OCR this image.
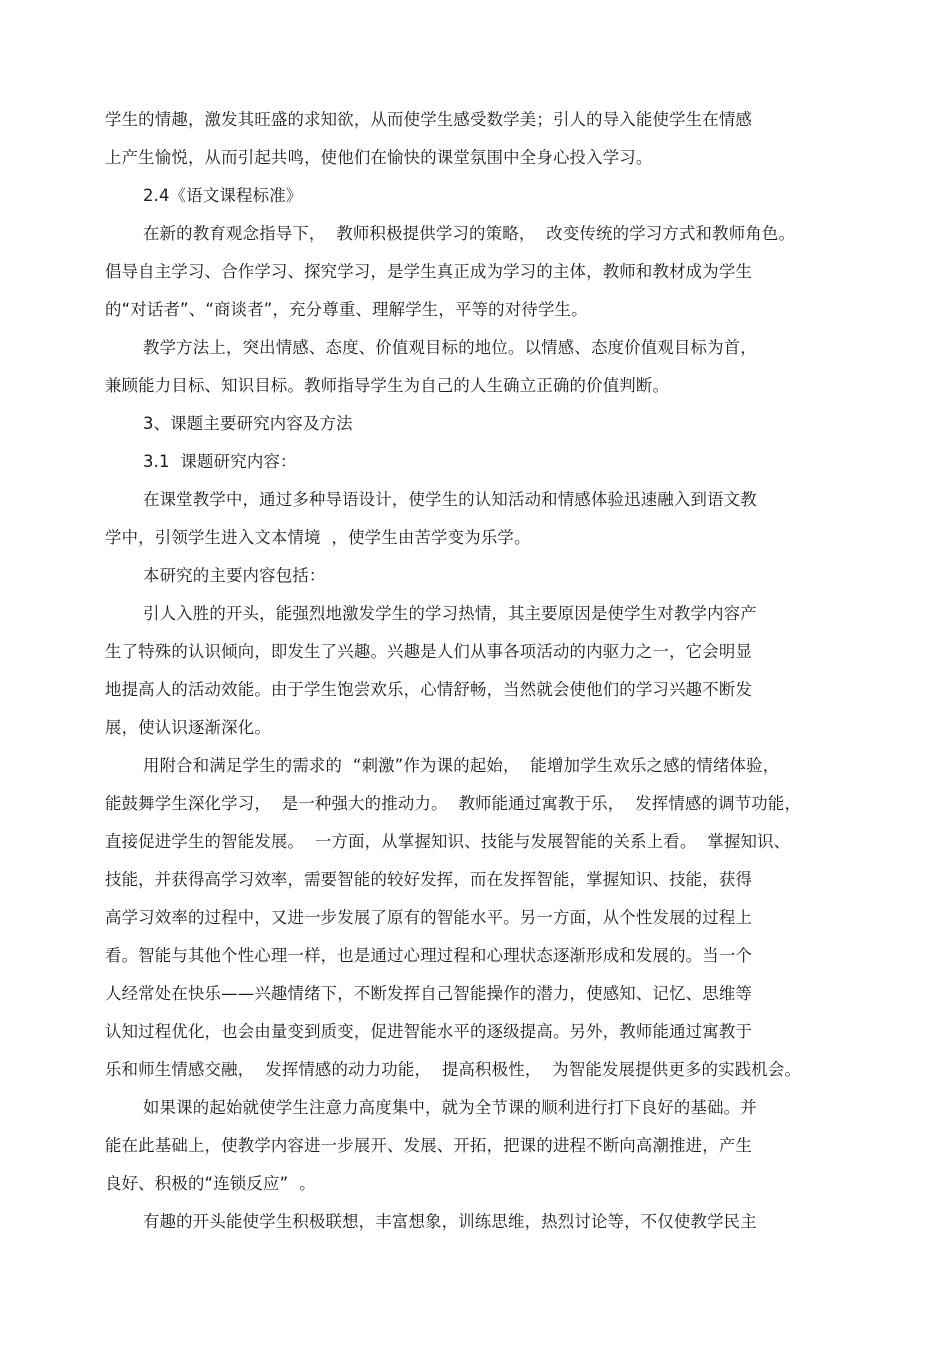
学生的情趣，激发其旺盛的求知欲，从而使学生感受数学美；引人的导入能使学生在情感
上产生愉悦，从而引起共鸣，使他们在愉快的课堂氛围中全身心投入学习。
2.4《语文课程标准》
在新的教育观念指导下，  教师积极提供学习的策略，  改变传统的学习方式和教师角色。
倡导自主学习、合作学习、探究学习，是学生真正成为学习的主体，教师和教材成为学生
的“对话者”、“商谈者”，充分尊重、理解学生，平等的对待学生。
教学方法上，突出情感、态度、价值观目标的地位。以情感、态度价值观目标为首，
兼顾能力目标、知识目标。教师指导学生为自己的人生确立正确的价值判断。
3、课题主要研究内容及方法
3.1  课题研究内容：
在课堂教学中，通过多种导语设计，使学生的认知活动和情感体验迅速融入到语文教
学中，引领学生进入文本情境  ，使学生由苦学变为乐学。
本研究的主要内容包括：
引人入胜的开头，能强烈地激发学生的学习热情，其主要原因是使学生对教学内容产
生了特殊的认识倾向，即发生了兴趣。兴趣是人们从事各项活动的内驱力之一，它会明显
地提高人的活动效能。由于学生饱尝欢乐，心情舒畅，当然就会使他们的学习兴趣不断发
展，使认识逐渐深化。
用附合和满足学生的需求的  “刺激”作为课的起始，  能增加学生欢乐之感的情绪体验，
能鼓舞学生深化学习，  是一种强大的推动力。  教师能通过寓教于乐，  发挥情感的调节功能，
直接促进学生的智能发展。  一方面，从掌握知识、技能与发展智能的关系上看。  掌握知识、
技能，并获得高学习效率，需要智能的较好发挥，而在发挥智能，掌握知识、技能，获得
高学习效率的过程中，又进一步发展了原有的智能水平。另一方面，从个性发展的过程上
看。智能与其他个性心理一样，也是通过心理过程和心理状态逐渐形成和发展的。当一个
人经常处在快乐——兴趣情绪下，不断发挥自己智能操作的潜力，使感知、记忆、思维等
认知过程优化，也会由量变到质变，促进智能水平的逐级提高。另外，教师能通过寓教于
乐和师生情感交融，  发挥情感的动力功能，  提高积极性，  为智能发展提供更多的实践机会。
如果课的起始就使学生注意力高度集中，就为全节课的顺利进行打下良好的基础。并
能在此基础上，使教学内容进一步展开、发展、开拓，把课的进程不断向高潮推进，产生
良好、积极的“连锁反应”  。
有趣的开头能使学生积极联想，丰富想象，训练思维，热烈讨论等，不仅使教学民主
